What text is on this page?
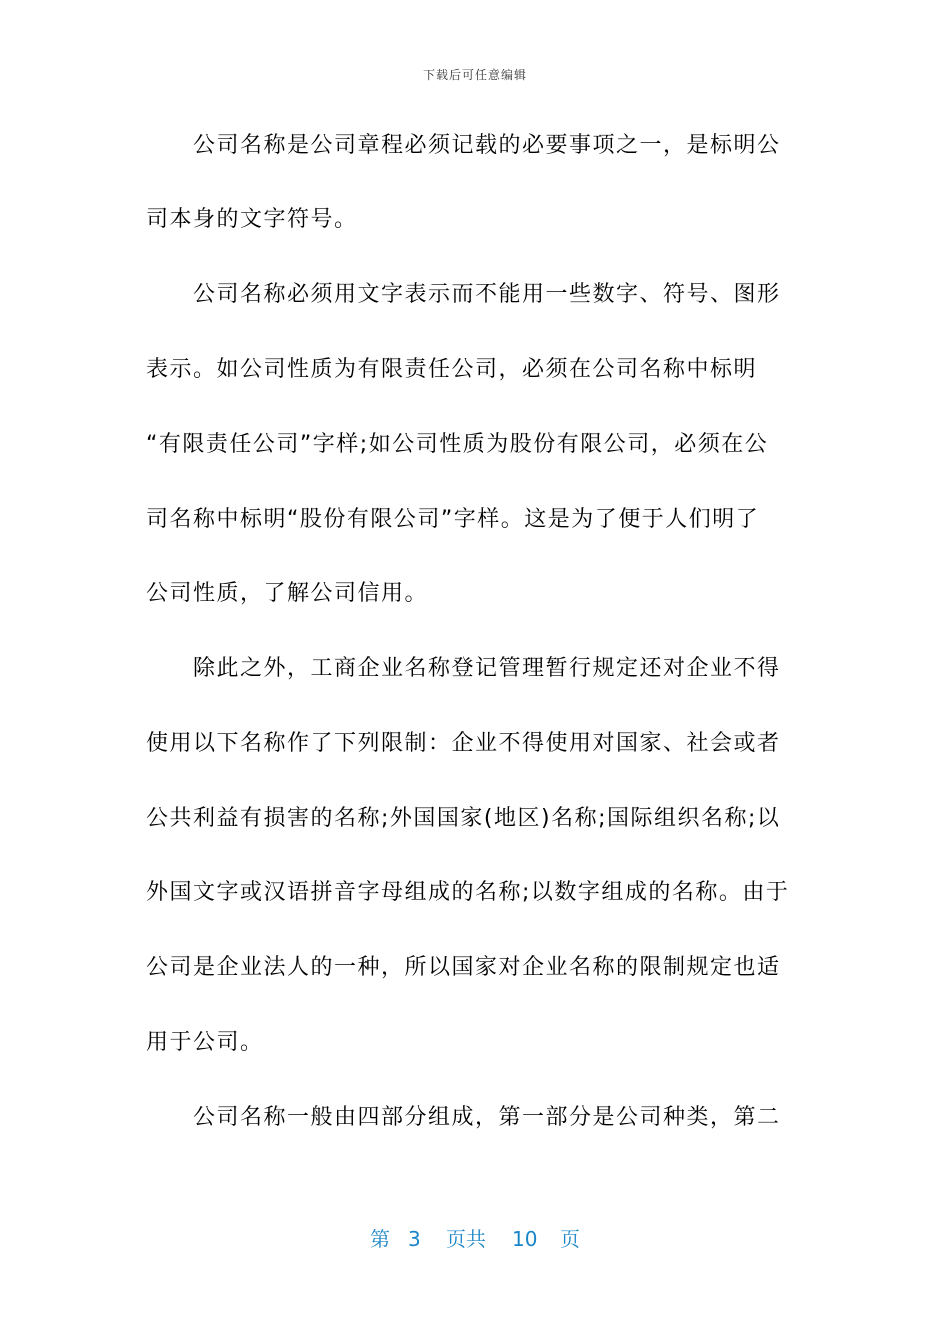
下载后可任意编辑
公司名称是公司章程必须记载的必要事项之一，是标明公
司本身的文字符号。
公司名称必须用文字表示而不能用一些数字、符号、图形
表示。如公司性质为有限责任公司，必须在公司名称中标明
“有限责任公司”字样;如公司性质为股份有限公司，必须在公
司名称中标明“股份有限公司”字样。这是为了便于人们明了
公司性质，了解公司信用。
除此之外，工商企业名称登记管理暂行规定还对企业不得
使用以下名称作了下列限制：企业不得使用对国家、社会或者
公共利益有损害的名称;外国国家(地区)名称;国际组织名称;以
外国文字或汉语拼音字母组成的名称;以数字组成的名称。由于
公司是企业法人的一种，所以国家对企业名称的限制规定也适
用于公司。
公司名称一般由四部分组成，第一部分是公司种类，第二
第 3 页共 10 页
